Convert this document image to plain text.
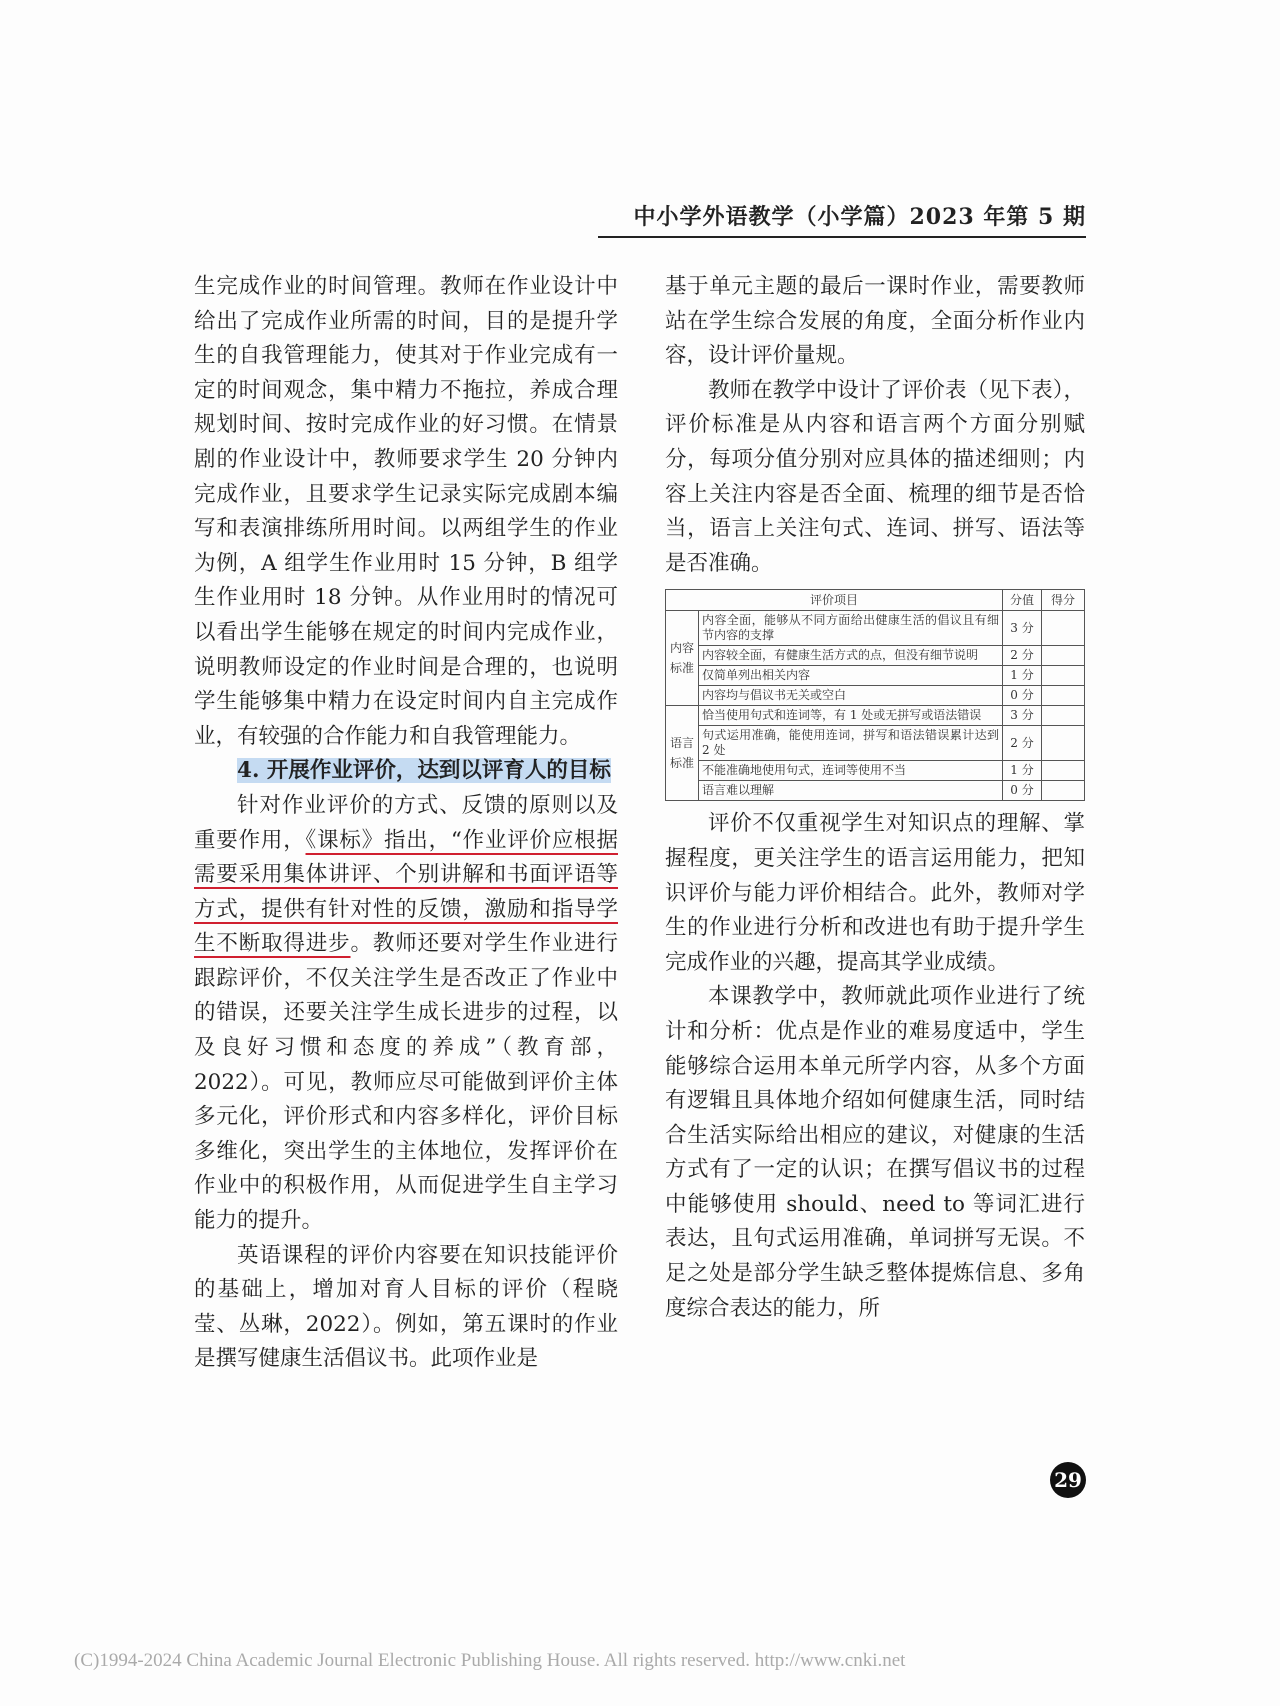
中小学外语教学（小学篇）2023 年第 5 期

生完成作业的时间管理。教师在作业设计中给出了完成作业所需的时间，目的是提升学生的自我管理能力，使其对于作业完成有一定的时间观念，集中精力不拖拉，养成合理规划时间、按时完成作业的好习惯。在情景剧的作业设计中，教师要求学生 20 分钟内完成作业，且要求学生记录实际完成剧本编写和表演排练所用时间。以两组学生的作业为例，A 组学生作业用时 15 分钟，B 组学生作业用时 18 分钟。从作业用时的情况可以看出学生能够在规定的时间内完成作业，说明教师设定的作业时间是合理的，也说明学生能够集中精力在设定时间内自主完成作业，有较强的合作能力和自我管理能力。

4. 开展作业评价，达到以评育人的目标

针对作业评价的方式、反馈的原则以及重要作用，《课标》指出，“作业评价应根据需要采用集体讲评、个别讲解和书面评语等方式，提供有针对性的反馈，激励和指导学生不断取得进步。教师还要对学生作业进行跟踪评价，不仅关注学生是否改正了作业中的错误，还要关注学生成长进步的过程，以及良好习惯和态度的养成”（教育部，2022）。可见，教师应尽可能做到评价主体多元化，评价形式和内容多样化，评价目标多维化，突出学生的主体地位，发挥评价在作业中的积极作用，从而促进学生自主学习能力的提升。

英语课程的评价内容要在知识技能评价的基础上，增加对育人目标的评价（程晓莹、丛琳，2022）。例如，第五课时的作业是撰写健康生活倡议书。此项作业是

基于单元主题的最后一课时作业，需要教师站在学生综合发展的角度，全面分析作业内容，设计评价量规。

教师在教学中设计了评价表（见下表），评价标准是从内容和语言两个方面分别赋分，每项分值分别对应具体的描述细则；内容上关注内容是否全面、梳理的细节是否恰当，语言上关注句式、连词、拼写、语法等是否准确。

评价项目		分值	得分
内容标准	内容全面，能够从不同方面给出健康生活的倡议且有细节内容的支撑	3 分	
	内容较全面，有健康生活方式的点，但没有细节说明	2 分	
	仅简单列出相关内容	1 分	
	内容均与倡议书无关或空白	0 分	
语言标准	恰当使用句式和连词等，有 1 处或无拼写或语法错误	3 分	
	句式运用准确，能使用连词，拼写和语法错误累计达到 2 处	2 分	
	不能准确地使用句式，连词等使用不当	1 分	
	语言难以理解	0 分	

评价不仅重视学生对知识点的理解、掌握程度，更关注学生的语言运用能力，把知识评价与能力评价相结合。此外，教师对学生的作业进行分析和改进也有助于提升学生完成作业的兴趣，提高其学业成绩。

本课教学中，教师就此项作业进行了统计和分析：优点是作业的难易度适中，学生能够综合运用本单元所学内容，从多个方面有逻辑且具体地介绍如何健康生活，同时结合生活实际给出相应的建议，对健康的生活方式有了一定的认识；在撰写倡议书的过程中能够使用 should、need to 等词汇进行表达，且句式运用准确，单词拼写无误。不足之处是部分学生缺乏整体提炼信息、多角度综合表达的能力，所

29
(C)1994-2024 China Academic Journal Electronic Publishing House. All rights reserved. http://www.cnki.net
